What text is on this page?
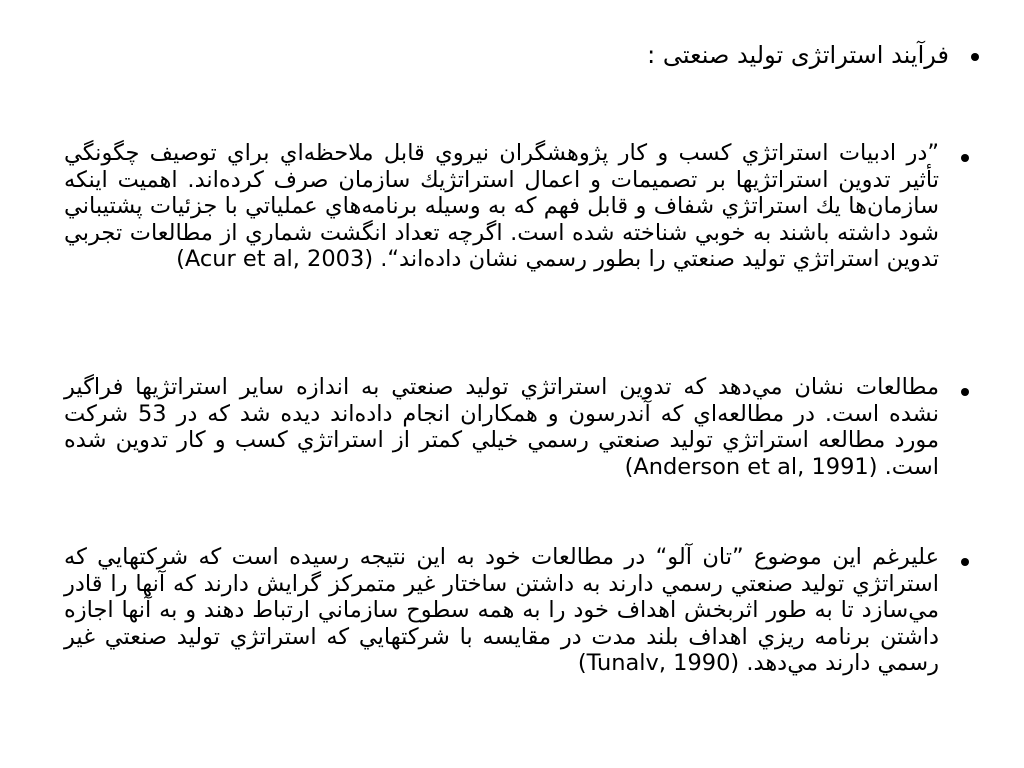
فرآیند استراتژی تولید صنعتی :
”در ادبيات استراتژي كسب و كار پژوهشگران نيروي قابل ملاحظه‌اي براي توصيف چگونگي تأثير تدوين استراتژيها بر تصميمات و اعمال استراتژيك سازمان صرف كرده‌اند. اهميت اينكه سازمان‌ها يك استراتژي شفاف و قابل فهم كه به وسيله برنامه‌هاي عملياتي با جزئيات پشتيباني شود داشته باشند به خوبي شناخته شده است. اگرچه تعداد انگشت شماري از مطالعات تجربي تدوين استراتژي توليد صنعتي را بطور رسمي نشان داده‌اند“. (Acur et al, 2003)
مطالعات نشان مي‌دهد كه تدوين استراتژي توليد صنعتي به اندازه ساير استراتژيها فراگير نشده است. در مطالعه‌اي كه آندرسون و همكاران انجام داده‌اند ديده شد كه در 53 شركت مورد مطالعه استراتژي توليد صنعتي رسمي خيلي كمتر از استراتژي كسب و كار تدوين شده است. (Anderson et al, 1991)
عليرغم اين موضوع ”تان آلو“ در مطالعات خود به اين نتيجه رسيده است كه شركتهايي كه استراتژي توليد صنعتي رسمي دارند به داشتن ساختار غير متمركز گرايش دارند كه آنها را قادر مي‌سازد تا به طور اثربخش اهداف خود را به همه سطوح سازماني ارتباط دهند و به آنها اجازه داشتن برنامه ريزي اهداف بلند مدت در مقايسه با شركتهايي كه استراتژي توليد صنعتي غير رسمي دارند مي‌دهد. (Tunalv, 1990)
